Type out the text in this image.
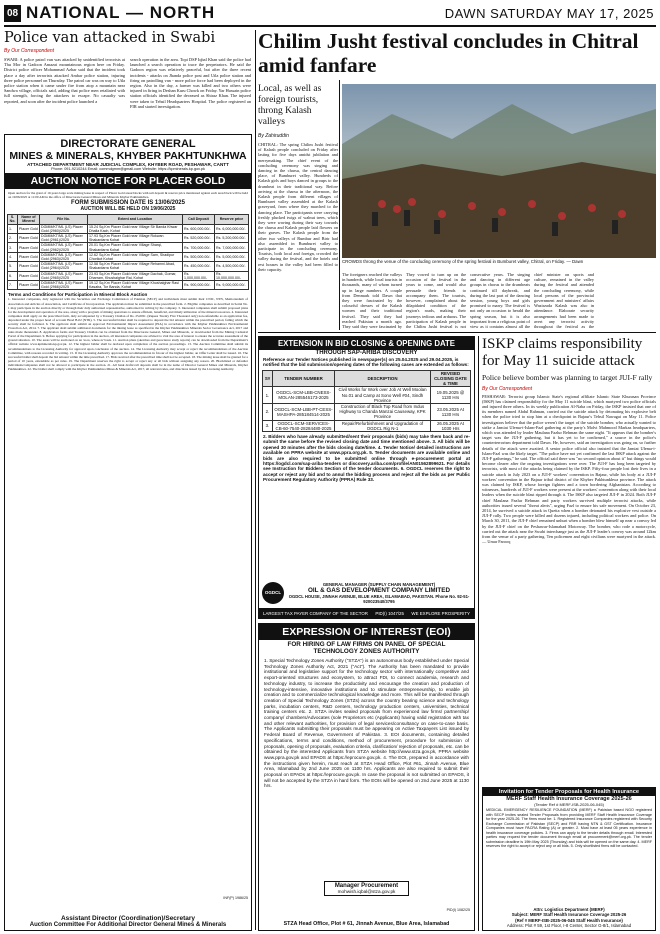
08 NATIONAL — NORTH	DAWN SATURDAY MAY 17, 2025
Police van attacked in Swabi
By Our Correspondent
SWABI: A police patrol van was attacked by unidentified terrorists at Thu Mor in Gadoon Amazai mountainous region here on Friday. District police officer Mohammad Azhar said that the incident took place a day after terrorists attacked Ambar police station, injuring three police personnel on Thursday. The patrol car was on way to Utla police station when it came under fire from atop a mountain near Sandwa village, officials said, adding that police men retaliated with full strength, forcing the attackers to escape. No casualty was reported, and soon after the incident police launched a
search operation in the area. Topi DSP Iqbal Khan said the police had launched a search operation to trace the perpetrators. He said the Gadoon region was relatively peaceful, but after the three recent incidents - attacks on Jhanda police post and Utla police station and firing on patrolling van - more police force had been deployed in the region. Also in the day, a farmer was killed and two others were injured in firing in Deshan Kuru Chowk on Friday. Yar Hussain police station officials identified the deceased as Shiraz Khan. The injured were taken to Tehsil Headquarters Hospital. The police registered an FIR and started investigation.
DIRECTORATE GENERAL
MINES & MINERALS, KHYBER PAKHTUNKHWA
ATTACHED DEPARTMENT NEAR JUDICIAL COMPLEX, KHYBER ROAD, PESHAWAR, CANTT
Phone: 091-9210244 Email: commdgmm@gmail.com Website: https://kpminerals.kp.gov.pk
AUCTION NOTICE FOR PLACER GOLD
Open auction for the grant of 10-years large scale mining lease in respect of Placer Gold areas/blocks with salt deposit & reserve price mentioned against each area/block will be held on 19/06/2025 at 11:00 AM in the office of Directorate General Mines and Minerals Khyber Pakhtunkhwa.
FORM SUBMISSION DATE IS 13/06/2025
AUCTION WILL BE HELD ON 19/06/2025
S. No.	Name of Mineral	File No.	Extent and Location	Call Deposit	Reserve price
1.	Placer Gold	DGMM/KT/ML (LS) Placer Gold (2960)/2025	15.24 Sq.Km Placer Gold near Village Sir Banda Khwar Dhalla Kach, Kohat	Rs. 600,000.00/-	Rs. 6,000,000.00/-
2.	Placer Gold	DGMM/KT/ML (LS) Placer Gold (2961)/2025	17.93 Sq.Km Placer Gold near Village Rokwan Shakardarra Kohat	Rs. 520,000.00/-	Rs. 5,200,000.00/-
3.	Placer Gold	DGMM/KT/ML (LS) Placer Gold (2962)/2025	20.01 Sq.Km Placer Gold near Village Sharqi, Shakardarra Kohat	Rs. 700,000.00/-	Rs. 7,000,000.00/-
4.	Placer Gold	DGMM/KT/ML (LS) Placer Gold (2963)/2025	12.62 Sq.Km Placer Gold near Village Sam, Shadipur Chorikot Kohat	Rs. 500,000.00/-	Rs. 5,000,000.00/-
5.	Placer Gold	DGMM/KT/ML (LS) Placer Gold (2964)/2025	12.58 Sq.Km Placer Gold near Village Rehamni Abad, Shakardarra Kohat	Rs. 450,000.00/-	Rs. 4,500,000.00/-
6.	Placer Gold	DGMM/KT/ML (LS) Placer Gold (2965)/2025	23.93 Sq.Km Placer Gold near Village Dachak, Gomar, Dharram, Khushalghar Rai, Kohat	Rs. 1,000,000.00/-	Rs. 10,000,000.00/-
7.	Placer Gold	DGMM/KT/ML (LS) Placer Gold (2966)/2025	19.12 Sq.Km Placer Gold near Village Khushalghar Rasi Kasaba, Tor Banda, Kohat	Rs. 900,000.00/-	Rs. 9,000,000.00/-
Terms and Conditions for Participation in Mineral Block Auction
1. Interested companies, duly registered with the Securities and Exchange Commission of Pakistan (SECP) and individuals must submit their CNIC, NTN, Memorandum of Association and Articles of Association, and Certificate of Incorporation. The application must be submitted in the prescribed form. 2. Eligible companies as described in Serial No. 1 may participate in the auction directly or through their duly authorized representative, authorized in writing by the company. 3. Interested companies shall submit proposed plans for the development and operation of the area, along with a program of mining operations to ensure efficient, beneficial, and timely utilization of the mineral resources. 4. Interested companies shall apply on the prescribed form, duly accompanied by a Treasury Challan of Rs. 25,000/- (Rupees Twenty Five Thousand only) non-refundable as an application fee, deposited under the proper head of account Head B-02 (NTR). 5. The successful bidder shall be required to deposit the bid amount within the prescribed period, failing which the security shall be forfeited. 6. The applicant shall submit an approved Environmental Impact Assessment (EIA) in accordance with the Khyber Pakhtunkhwa Environmental Protection Act, 2014. 7. The applicant shall submit additional documents for the mining lease as specified in the Khyber Pakhtunkhwa Minerals Sector Governance Act, 2017 and rules made thereunder. 8. Application forms and Treasury Challan can be obtained from the Directorate General, Mines and Minerals, or downloaded from the Mining Cadastral Portal of the Department. 9. Before applying for participation in the auction, all interested companies are advised to visit the area of interest to ensure the accurate assessment of the ground situation. 10. The areas will be auctioned on an 'as-is, where-is' basis. 11. Auction plans (sketches and geoscience study reports) can be downloaded from the Department's official website www.kpminerals.kp.gov.pk. 12. The highest bidder shall be declared upon completion of the auction proceedings. 13. The Auction Committee shall submit its recommendations to the Licensing Authority for approval upon conclusion of the auction. 14. The Licensing Authority may accept or reject the recommendations of the Auction Committee, with reasons recorded in writing. 15. If the Licensing Authority approves the recommendation in favour of the highest bidder, an Offer Letter shall be issued. 16. The successful bidder shall deposit the bid amount within the time prescribed. 17. Bids received after the prescribed time shall not be accepted. 18. The mining lease shall be granted for a period of 10 years, extendable as per rules. 19. The Department reserves the right to accept or reject any or all bids without assigning any reason. 20. Blacklisted or defaulter individuals/companies shall not be allowed to participate in the auction. 21. All bank drafts/call deposits shall be in the name of Director General Mines and Minerals, Khyber Pakhtunkhwa. 22. The bidder shall comply with the Khyber Pakhtunkhwa Mines & Minerals Act, 2017, all relevant rules, and directions issued by the Licensing Authority.
INF(P) 1986/25
Assistant Director (Coordination)/Secretary
Auction Committee For Additional Director General Mines & Minerals
Chilim Jusht festival concludes in Chitral amid fanfare
Local, as well as foreign tourists, throng Kalash valleys
By Zahiruddin
CHITRAL: The spring Chilim Jusht festival of Kalash people concluded on Friday after lasting for five days amidst jubilation and merrymaking. The chief event of the concluding ceremony was singing and dancing in the charsu, the central dancing place, of Bumburet valley. Hundreds of Kalash girls and boys danced in groups to the drumbeat in their traditional way. Before arriving at the charsu in the afternoon, the Kalash people from different villages of Bumburet valley assembled at the Kalash graveyard, from where they marched to the dancing place. The participants were carrying freshly plucked twigs of walnut trees, which they were waving during their way towards the charsu and Kalash people laid flowers on their graves. The Kalash people from the other two valleys of Rumbur and Birir had also assembled in Bumburet valley to participate in the concluding ceremony. Tourists, both local and foreign, crowded the valley during the festival, and the hotels and rest houses in the valley had been filled to their capacity.
CROWDS throng the venue of the concluding ceremony of the spring festival in Bumburet valley, Chitral, on Friday. — Dawn
The foreigners reached the valleys in hundreds, while local tourists in thousands, many of whom turned up in large numbers. A couple from Denmark told Dawn that they were fascinated by the colourful dresses of the Kalash women and their traditional festival. They said they had reached Pakistan a month ago. They said they were fascinated by
They vowed to turn up on the occasion of the festival in the years to come, and would also persuade their friends to accompany them. The tourists, however, complained about the dilapidated condition of the region's roads, making their journeys tedious and arduous. The participation of Kalash people in the Chilim Jusht festival is not
consecutive years. The singing and dancing in different age groups in chorus to the drumbeats continued till daybreak, and during the last part of the dancing session, young boys and girls promised to marry. The festival is not only an occasion to herald the spring season, but it is also important from a religious point of view as it contains almost all the
chief minister on sports and culture, remained in the valley during the festival and attended the concluding ceremony, while local persons of the provincial government and ministers' affairs Wazirzada Kalash was also in attendance. Elaborate security arrangements had been made to avert any terrorist activity throughout the festival as the
EXTENSION IN BID CLOSING & OPENING DATE
THROUGH SAP-ARIBA DISCOVERY
Reference our Tender Notices published in newspaper(s) on 25.04.2025 and 29.04.2025, is notified that the bid submission/opening dates of the following cases are extended as follows:
S#	TENDER NUMBER	DESCRIPTION	REVISED CLOSING DATE & TIME
1.	OGDCL-SCM-LBB-CNESS-MOLAN-285546173-2025	Civil Works for Work over Job At Well Moolan No.01 and Camp at Sono Well #04, Sindh Province	19.05.2025 @ 1130 Hrs
2.	OGDCL-SCM-LBB-PT-CESS-MASHPA-285184514-2025	Construction of Black Top Road from Indus Highway to Chanda Manzai Causeway, KPK Province	23.05.2025 At 1130 Hrs
3.	OGDCL-SCM-SERVICES-CB-60-7540-28284480-2025	Repair/Refurbishment and Upgradation of OGDCL Rig N-1	26.05.2025 At 1030 Hrs
2. Bidders who have already submitted/sent their proposals (bids) may take them back and re-submit the same before the revised closing date and time mentioned above. 3. All bids will be opened 30 minutes after the bids closing date/time. 4. Tender Notice/ detailed instructions are available on PPRA website at www.ppra.org.pk. 5. Tender documents are available online and bids are also required to be submitted online through e-procurement portal at https://ogdcl.com/sap-ariba-tenders or discovery.ariba.com/profile/AN01562899621. For details see Instruction for Bidders Section of the tender documents. 6. OGDCL reserves the right to accept or reject any bid and to annul the bidding process and reject all the bids as per Public Procurement Regulatory Authority (PPRA) Rule 33.
OGDCL
GENERAL MANAGER (SUPPLY CHAIN MANAGEMENT)
OIL & GAS DEVELOPMENT COMPANY LIMITED
OGDCL HOUSE, JINNAH AVENUE, BLUE AREA, ISLAMABAD, PAKISTAN. Phone No. 92-51-920023540/3795
LARGEST TAX PAYER COMPANY OF THE SECTOR PID(I) 1047/25 WE EXPLORE PROSPERITY
EXPRESSION OF INTEREST (EOI)
FOR HIRING OF LAW FIRMS ON PANEL OF SPECIAL TECHNOLOGY ZONES AUTHORITY
1. Special Technology Zones Authority ("STZA") is an autonomous body established under Special Technology Zones Authority Act, 2021 ("Act"). The Authority has been mandated to provide institutional and legislative support for the technology sector with internationally competitive and export-oriented structures and ecosystem, to attract FDI, to connect academia, research and technology industry, to increase the productivity and encourage the creation and production of technology-intensive, innovative institutions and to stimulate entrepreneurship, to enable job creation and to commercialize technological knowledge and more. This will be manifested through creation of Special Technology Zones (STZs) across the country bearing science and technology parks, incubation centers, R&D centers, technology production centers, universities, technical training centers etc. 2. STZA invites sealed proposals from experienced law firms/ partnership/ company/ chambers/Advocates (sole Proprietors etc (Applicants) having valid registration with tax and other relevant authorities, for provision of legal services/consultancy on case-to-case basis. The Applicants submitting their proposals must be appearing on Active Taxpayers List issued by Federal Board of Revenue, Government of Pakistan. 3. EOI documents, containing detailed specifications, terms and conditions, method of procurement, procedure for submission of proposals, opening of proposals, evaluation criteria, clarification/ rejection of proposals, etc. can be obtained by the interested Applicants from STZA website http://www.stza.gov.pk, PPRA website www.ppra.gov.pk and EPADS at https://eprocure.gov.pk. 4. The EOI, prepared in accordance with the instructions given herein, must reach at STZA Head Office, Plot #61, Jinnah Avenue, Blue Area, Islamabad by 2nd June 2025 on 1100 hrs. Applicants are also required to submit their proposal on EPADs at https://eprocure.gov.pk. In case the proposal is not submitted on EPADS, it will not be accepted by the STZA in hard form. The EOIs will be opened on 2nd June 2025 at 1130 hrs.
Manager Procurement
mohwish.iqbal@stza.gov.pk
PID(I) 1082/25
STZA Head Office, Plot # 61, Jinnah Avenue, Blue Area, Islamabad
ISKP claims responsibility for May 11 suicide attack
Police believe bomber was planning to target JUI-F rally
By Our Correspondent
PESHAWAR: Terrorist group Islamic State's regional affiliate Islamic State Khurasan Province (ISKP) has claimed responsibility for the May 11 suicide blast, which martyred two police officials and injured three others. In its weekly publication Al-Naba on Friday, the ISKP insisted that one of its members named Abdul Rahman, carried out the suicide attack by detonating his explosive belt when the police tried to stop him at a checkpoint in Bajaur's Tehsil Nawagai on May 11. Police investigators believe that the police weren't the target of the suicide bomber, who actually wanted to strike a Jamiat Ulema-i-Islam-Fazl gathering at the party's Molvi Mahmood Markaz headquarters, which was attended by leader Maulana Fazlur Rehman the same night. "It appears that the bomber's target was the JUI-F gathering, but it has yet to be confirmed," a source in the police's counterterrorism department told Dawn. He, however, said an investigation was going on, so further details of the attack were awaited. A senior police official also insisted that the Jamiat Ulema-i-Islam-Fazl was the likely target. "The police have not yet confirmed the last ISKP attack against the JUI-F gatherings," he said. The official said there was "no second opinion about it" but things would become clearer after the ongoing investigations were over. The JUI-F has long been targeted by terrorists, with most of the attacks being claimed by the ISKP. Fifty-four people lost their lives in a suicide attack in July 2023 on a JUI-F workers' convention in Bajaur, while his body at a JUI-F workers' convention in the Bajaur tribal district of the Khyber Pakhtunkhwa province. The attack was claimed by ISKP, whose foreign fighters and a town bordering Afghanistan. According to witnesses, hundreds of JUI-F workers were present at the workers' convention along with their local leaders when the suicide blast ripped through it. The ISKP also targeted JUI-F in 2024. Both JUI-F chief Maulana Fazlur Rehman and party workers survived multiple terrorist attacks, while authorities issued several "threat alerts", urging Fazl to ensure his safe movement. On October 23, 2014, he survived a suicide attack in Quetta when a bomber detonated his explosive vest outside a JUI-F rally. Two people were killed and dozens injured, including political workers and police. On March 30, 2011, the JUI-F chief remained unhurt when a bomber blew himself up near a convoy led by the JUI-F chief on the Peshawar-Islamabad Motorway. The bomber, who rode a motorcycle, carried out the attack near the Swabi interchange just as the JUI-F leader's convoy was around 12km from the venue of a party gathering. Ten policemen and eight civilians were martyred in the attack. — Umar Farooq
Invitation for Tender Proposals for Health Insurance
MERF Staff Health Insurance Coverage 2025-26
(Tender Ref # MERF-ISB-2025-06-045)
MEDICAL EMERGENCY RESILIENCE FOUNDATION (MERF) a Pakistan based NGO registered with SECP invites sealed Tender Proposals from providing MERF Staff Health Insurance Coverage for the year 2025-26. The firms must be: 1. Registered Insurance Companies registered with Security Exchange Commission of Pakistan (SECP) and FBR having NTN & GST Certification. Insurance Companies must have PACRA Rating (A) or greater. 2. Must have at least 05 years experience in health insurance coverage policies. 3. Firms can apply to the tender details through email. Interested parties may request the tender document through email at procurement@merf.org.pk. The tender submission deadline is 19th May 2025 (Thursday) and bids will be opened on the same day. 4. MERF reserves the right to accept or reject any or all bids. 5. Only shortlisted firms will be contacted.
Attn: Logistics Department (MERF)
Subject: MERF Staff Health Insurance Coverage 2025-26
(Ref # MERF-ISB-2025-06-045 Staff Health Insurance)
Address: Plot # 59, 1st Floor, I-8 Center, Sector G-8/1, Islamabad
